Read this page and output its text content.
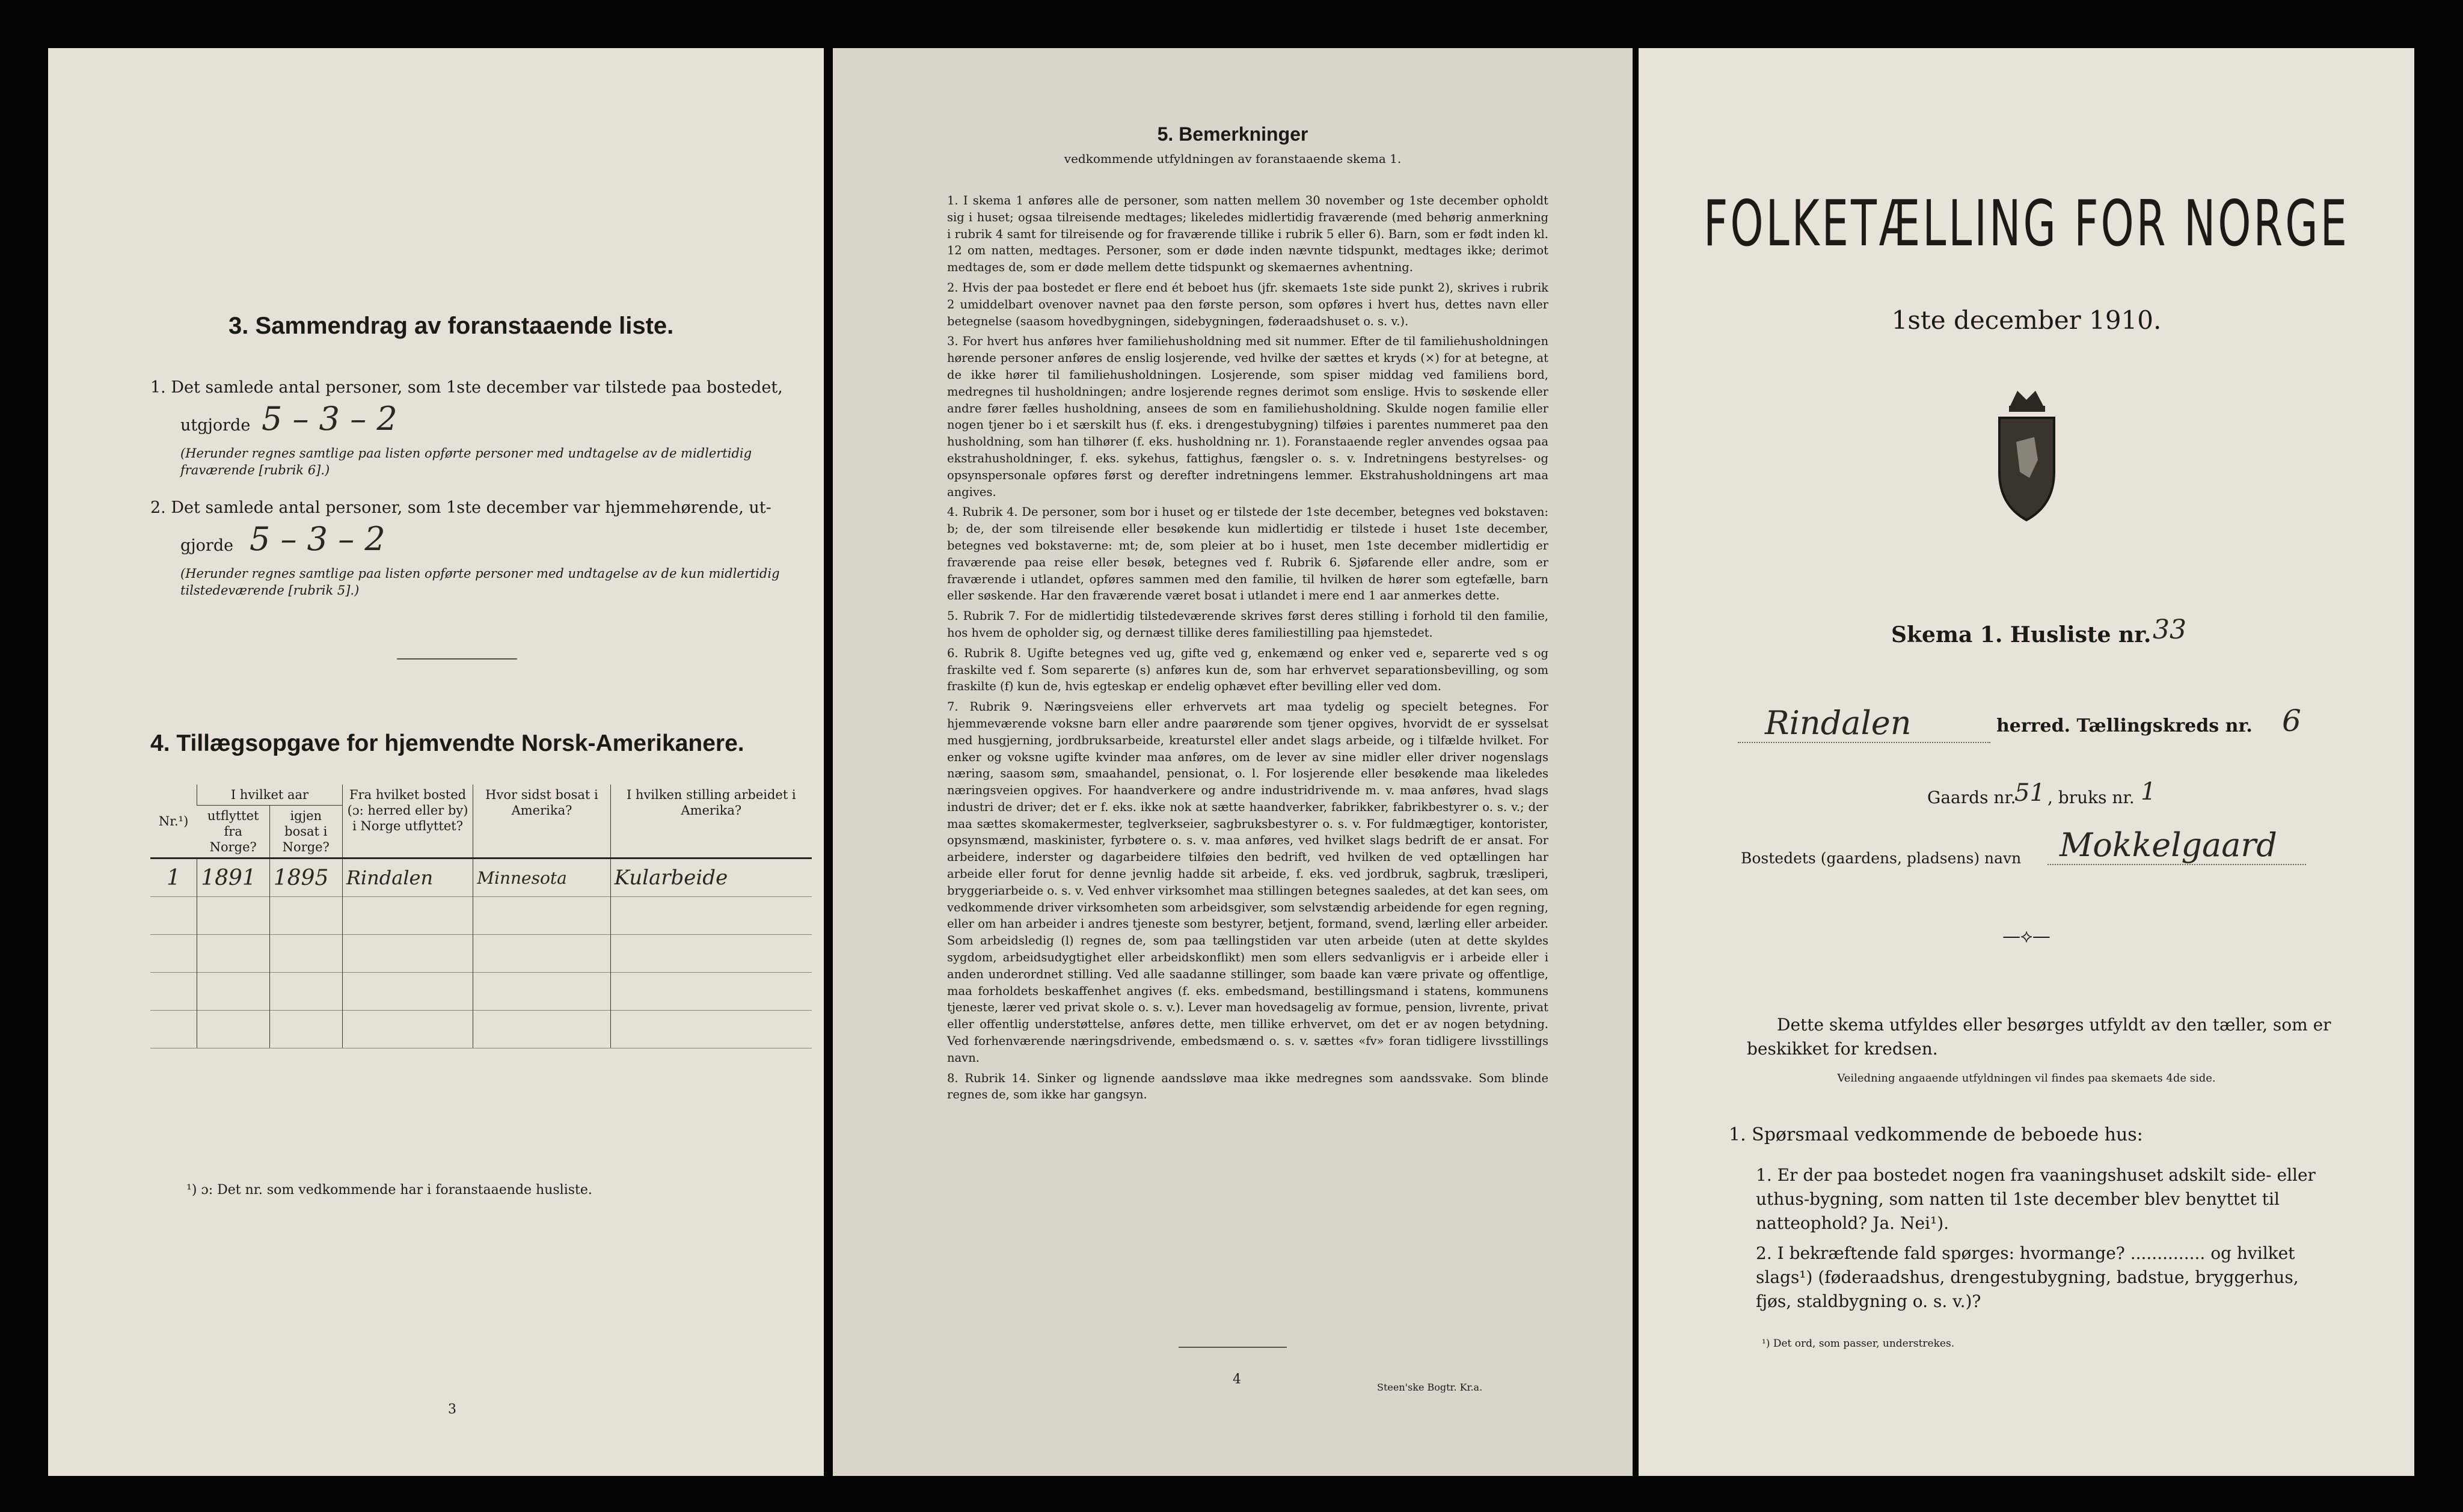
3. Sammendrag av foranstaaende liste.
1. Det samlede antal personer, som 1ste december var tilstede paa bostedet,
utgjorde 5 – 3 – 2
(Herunder regnes samtlige paa listen opførte personer med undtagelse av de midlertidig fraværende [rubrik 6].)
2. Det samlede antal personer, som 1ste december var hjemmehørende, ut-
gjorde 5 – 3 – 2
(Herunder regnes samtlige paa listen opførte personer med undtagelse av de kun midlertidig tilstedeværende [rubrik 5].)
4. Tillægsopgave for hjemvendte Norsk-Amerikanere.
Nr.¹)	I hvilket aar		Fra hvilket bosted (ɔ: herred eller by) i Norge utflyttet?	Hvor sidst bosat i Amerika?	I hvilken stilling arbeidet i Amerika?
	utflyttet fra Norge?	igjen bosat i Norge?			
1	1891	1895	Rindalen	Minnesota	Kularbeide

¹) ɔ: Det nr. som vedkommende har i foranstaaende husliste.
3
5. Bemerkninger
vedkommende utfyldningen av foranstaaende skema 1.

1. I skema 1 anføres alle de personer, som natten mellem 30 november og 1ste december opholdt sig i huset; ogsaa tilreisende medtages; likeledes midlertidig fraværende (med behørig anmerkning i rubrik 4 samt for tilreisende og for fraværende tillike i rubrik 5 eller 6). Barn, som er født inden kl. 12 om natten, medtages. Personer, som er døde inden nævnte tidspunkt, medtages ikke; derimot medtages de, som er døde mellem dette tidspunkt og skemaernes avhentning.

2. Hvis der paa bostedet er flere end ét beboet hus (jfr. skemaets 1ste side punkt 2), skrives i rubrik 2 umiddelbart ovenover navnet paa den første person, som opføres i hvert hus, dettes navn eller betegnelse (saasom hovedbygningen, sidebygningen, føderaadshuset o. s. v.).

3. For hvert hus anføres hver familiehusholdning med sit nummer. Efter de til familiehusholdningen hørende personer anføres de enslig losjerende, ved hvilke der sættes et kryds (×) for at betegne, at de ikke hører til familiehusholdningen. Losjerende, som spiser middag ved familiens bord, medregnes til husholdningen; andre losjerende regnes derimot som enslige. Hvis to søskende eller andre fører fælles husholdning, ansees de som en familiehusholdning. Skulde nogen familie eller nogen tjener bo i et særskilt hus (f. eks. i drengestubygning) tilføies i parentes nummeret paa den husholdning, som han tilhører (f. eks. husholdning nr. 1). Foranstaaende regler anvendes ogsaa paa ekstrahusholdninger, f. eks. sykehus, fattighus, fængsler o. s. v. Indretningens bestyrelses- og opsynspersonale opføres først og derefter indretningens lemmer. Ekstrahusholdningens art maa angives.

4. Rubrik 4. De personer, som bor i huset og er tilstede der 1ste december, betegnes ved bokstaven: b; de, der som tilreisende eller besøkende kun midlertidig er tilstede i huset 1ste december, betegnes ved bokstaverne: mt; de, som pleier at bo i huset, men 1ste december midlertidig er fraværende paa reise eller besøk, betegnes ved f. Rubrik 6. Sjøfarende eller andre, som er fraværende i utlandet, opføres sammen med den familie, til hvilken de hører som egtefælle, barn eller søskende. Har den fraværende været bosat i utlandet i mere end 1 aar anmerkes dette.

5. Rubrik 7. For de midlertidig tilstedeværende skrives først deres stilling i forhold til den familie, hos hvem de opholder sig, og dernæst tillike deres familiestilling paa hjemstedet.

6. Rubrik 8. Ugifte betegnes ved ug, gifte ved g, enkemænd og enker ved e, separerte ved s og fraskilte ved f. Som separerte (s) anføres kun de, som har erhvervet separationsbevilling, og som fraskilte (f) kun de, hvis egteskap er endelig ophævet efter bevilling eller ved dom.

7. Rubrik 9. Næringsveiens eller erhvervets art maa tydelig og specielt betegnes. For hjemmeværende voksne barn eller andre paarørende som tjener opgives, hvorvidt de er sysselsat med husgjerning, jordbruksarbeide, kreaturstel eller andet slags arbeide, og i tilfælde hvilket. For enker og voksne ugifte kvinder maa anføres, om de lever av sine midler eller driver nogenslags næring, saasom søm, smaahandel, pensionat, o. l. For losjerende eller besøkende maa likeledes næringsveien opgives. For haandverkere og andre industridrivende m. v. maa anføres, hvad slags industri de driver; det er f. eks. ikke nok at sætte haandverker, fabrikker, fabrikbestyrer o. s. v.; der maa sættes skomakermester, teglverkseier, sagbruksbestyrer o. s. v. For fuldmægtiger, kontorister, opsynsmænd, maskinister, fyrbøtere o. s. v. maa anføres, ved hvilket slags bedrift de er ansat. For arbeidere, inderster og dagarbeidere tilføies den bedrift, ved hvilken de ved optællingen har arbeide eller forut for denne jevnlig hadde sit arbeide, f. eks. ved jordbruk, sagbruk, træsliperi, bryggeriarbeide o. s. v. Ved enhver virksomhet maa stillingen betegnes saaledes, at det kan sees, om vedkommende driver virksomheten som arbeidsgiver, som selvstændig arbeidende for egen regning, eller om han arbeider i andres tjeneste som bestyrer, betjent, formand, svend, lærling eller arbeider. Som arbeidsledig (l) regnes de, som paa tællingstiden var uten arbeide (uten at dette skyldes sygdom, arbeidsudygtighet eller arbeidskonflikt) men som ellers sedvanligvis er i arbeide eller i anden underordnet stilling. Ved alle saadanne stillinger, som baade kan være private og offentlige, maa forholdets beskaffenhet angives (f. eks. embedsmand, bestillingsmand i statens, kommunens tjeneste, lærer ved privat skole o. s. v.). Lever man hovedsagelig av formue, pension, livrente, privat eller offentlig understøttelse, anføres dette, men tillike erhvervet, om det er av nogen betydning. Ved forhenværende næringsdrivende, embedsmænd o. s. v. sættes «fv» foran tidligere livsstillings navn.

8. Rubrik 14. Sinker og lignende aandssløve maa ikke medregnes som aandssvake. Som blinde regnes de, som ikke har gangsyn.

4
Steen'ske Bogtr. Kr.a.
FOLKETÆLLING FOR NORGE
1ste december 1910.
Skema 1. Husliste nr. 33
Rindalen	herred. Tællingskreds nr. 6
Gaards nr.
51 , bruks nr. 1
Bostedets (gaardens, pladsens) navn	Mokkelgaard
—⟡—
Dette skema utfyldes eller besørges utfyldt av den tæller, som er beskikket for kredsen.
Veiledning angaaende utfyldningen vil findes paa skemaets 4de side.
1. Spørsmaal vedkommende de beboede hus:
1. Er der paa bostedet nogen fra vaaningshuset adskilt side- eller uthus-bygning, som natten til 1ste december blev benyttet til natteophold? Ja. Nei¹).
2. I bekræftende fald spørges: hvormange? .............. og hvilket slags¹) (føderaadshus, drengestubygning, badstue, bryggerhus, fjøs, staldbygning o. s. v.)?
¹) Det ord, som passer, understrekes.
